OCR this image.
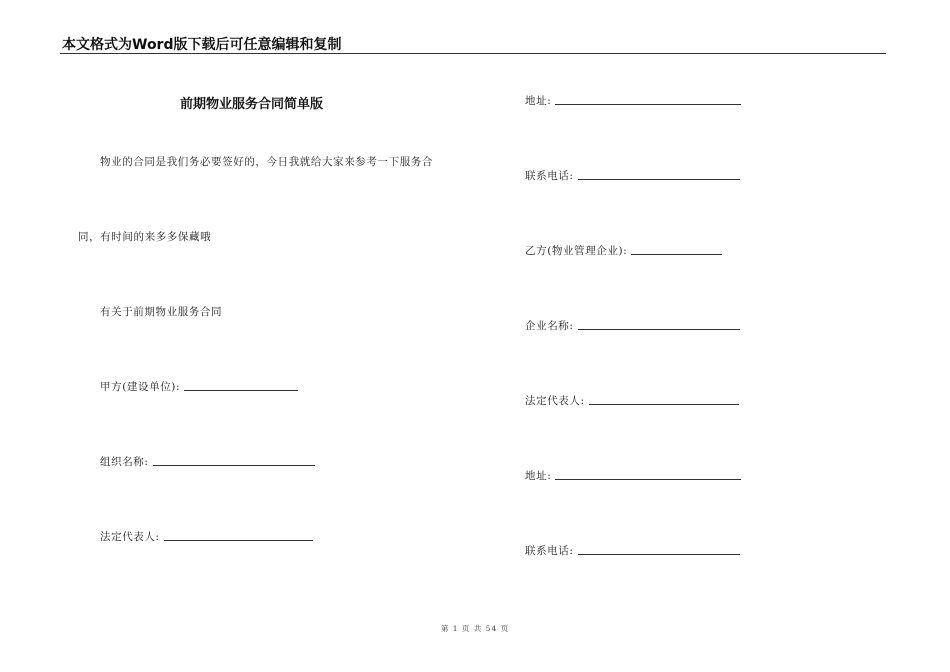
本文格式为Word版下载后可任意编辑和复制
前期物业服务合同简单版
物业的合同是我们务必要签好的，今日我就给大家来参考一下服务合
同，有时间的来多多保藏哦
有关于前期物业服务合同
甲方(建设单位):
组织名称:
法定代表人:
地址:
联系电话:
乙方(物业管理企业):
企业名称:
法定代表人:
地址:
联系电话:
第 1 页 共 54 页
